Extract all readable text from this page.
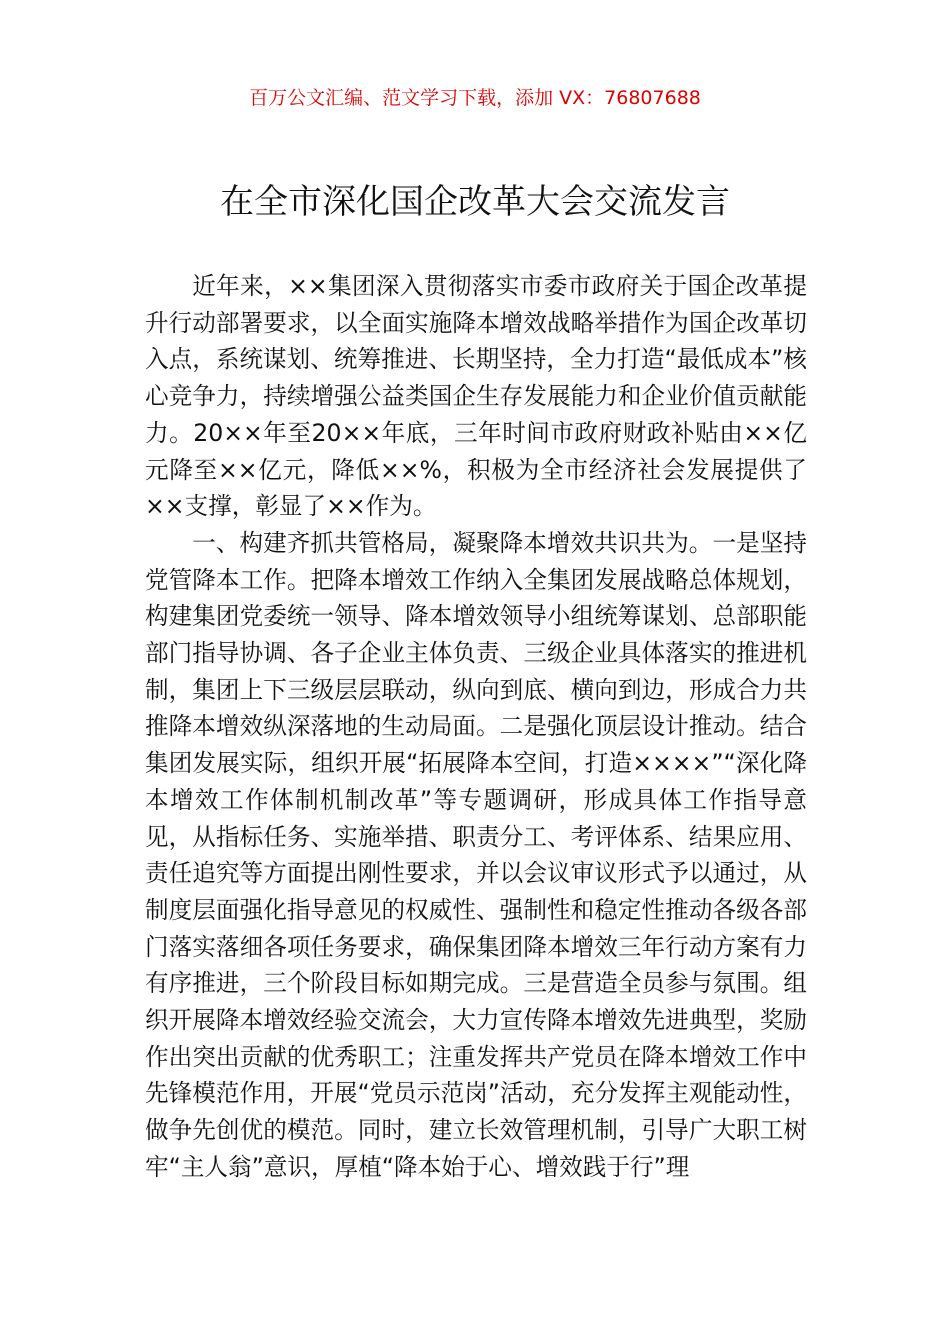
百万公文汇编、范文学习下载，添加 VX：76807688
在全市深化国企改革大会交流发言

近年来，××集团深入贯彻落实市委市政府关于国企改革提升行动部署要求，以全面实施降本增效战略举措作为国企改革切入点，系统谋划、统筹推进、长期坚持，全力打造“最低成本”核心竞争力，持续增强公益类国企生存发展能力和企业价值贡献能力。20××年至20××年底，三年时间市政府财政补贴由××亿元降至××亿元，降低××%，积极为全市经济社会发展提供了××支撑，彰显了××作为。

一、构建齐抓共管格局，凝聚降本增效共识共为。一是坚持党管降本工作。把降本增效工作纳入全集团发展战略总体规划，构建集团党委统一领导、降本增效领导小组统筹谋划、总部职能部门指导协调、各子企业主体负责、三级企业具体落实的推进机制，集团上下三级层层联动，纵向到底、横向到边，形成合力共推降本增效纵深落地的生动局面。二是强化顶层设计推动。结合集团发展实际，组织开展“拓展降本空间，打造××××”“深化降本增效工作体制机制改革”等专题调研，形成具体工作指导意见，从指标任务、实施举措、职责分工、考评体系、结果应用、责任追究等方面提出刚性要求，并以会议审议形式予以通过，从制度层面强化指导意见的权威性、强制性和稳定性推动各级各部门落实落细各项任务要求，确保集团降本增效三年行动方案有力有序推进，三个阶段目标如期完成。三是营造全员参与氛围。组织开展降本增效经验交流会，大力宣传降本增效先进典型，奖励作出突出贡献的优秀职工；注重发挥共产党员在降本增效工作中先锋模范作用，开展“党员示范岗”活动，充分发挥主观能动性，做争先创优的模范。同时，建立长效管理机制，引导广大职工树牢“主人翁”意识，厚植“降本始于心、增效践于行”理
